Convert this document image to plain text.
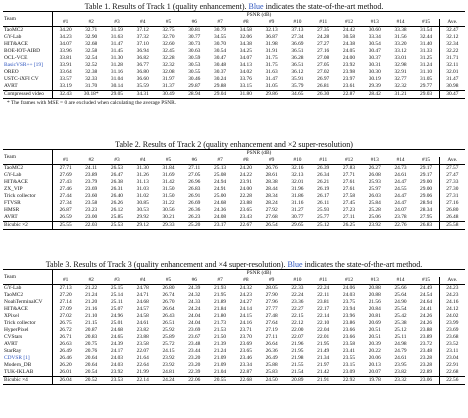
Table 1. Results of Track 1 (quality enhancement). Blue indicates the state-of-the-art method.

Team	PSNR (dB)															
	#1	#2	#3	#4	#5	#6	#7	#8	#9	#10	#11	#12	#13	#14	#15	Ave.
TaoMC2	34.20	32.71	31.59	37.12	32.75	30.81	30.79	34.58	32.13	37.13	27.35	24.42	30.60	33.38	31.54	32.47
GY-Lab	34.23	32.90	31.63	37.32	32.70	30.77	34.55	32.06	36.87	27.34	24.28	30.58	33.34	31.56	32.44	32.12
HIT&ACE	34.07	32.68	31.47	37.10	32.60	30.73	30.70	34.38	31.98	36.69	27.27	24.38	30.54	33.20	31.40	32.34
BOE-IOT-AIBD	33.96	32.58	31.45	36.94	32.45	30.63	30.54	34.25	31.91	36.51	27.16	24.05	30.47	33.12	31.33	32.22
OCL-VCE	33.81	32.54	31.30	36.82	32.28	30.59	30.47	34.07	31.75	36.28	27.08	24.00	30.37	33.01	31.25	31.71
BasicVSR++ [19]	33.91	32.52	31.28	36.77	32.32	30.53	30.48	34.13	31.75	36.51	27.05	23.92	30.31	32.98	31.24	32.11
OREO	33.64	32.38	31.16	36.80	32.08	30.55	30.37	34.02	31.63	36.12	27.02	23.98	30.30	32.91	31.10	32.01
USTC-iXFI CV	33.57	32.33	31.04	36.60	31.97	30.46	30.24	33.76	31.47	35.91	26.97	23.97	30.19	32.77	31.05	31.47
AVRT	33.19	31.70	30.14	35.59	31.37	29.87	29.88	33.15	31.05	35.79	26.81	23.61	29.39	32.32	29.77	30.98
Compressed video	32.43	30.18*	29.05	34.31	30.49	28.94	29.04	31.80	29.86	34.65	26.30	22.87	28.42	31.21	29.03	30.47

* The frames with MSE = 0 are excluded when calculating the average PSNR.

Table 2. Results of Track 2 (quality enhancement and ×2 super-resolution)

Team	PSNR (dB)															
	#1	#2	#3	#4	#5	#6	#7	#8	#9	#10	#11	#12	#13	#14	#15	Ave.
TaoMC2	27.71	24.11	26.53	31.30	31.84	27.11	25.13	24.20	26.76	32.16	26.39	27.83	26.27	24.73	29.17	27.57
GY-Lab	27.69	23.89	26.47	31.26	31.69	27.05	25.08	24.22	28.61	32.13	26.34	27.71	26.08	24.61	29.17	27.47
HIT&ACE	27.43	23.79	26.38	31.13	31.42	26.96	24.94	23.91	28.38	32.01	26.21	27.61	25.93	24.47	29.00	27.33
ZX_VIP	27.46	23.69	26.31	31.03	31.50	26.83	24.91	24.00	28.44	31.96	26.19	27.61	25.97	24.55	29.00	27.30
Trick collector	27.44	23.60	26.40	31.02	31.50	26.91	25.00	22.28	28.34	31.86	26.17	27.58	26.03	24.47	29.06	27.31
FTVSR	27.34	23.58	26.26	30.85	31.22	26.69	24.68	23.88	28.24	31.16	26.11	27.45	25.84	24.47	28.94	27.16
HMSR	26.87	23.23	26.12	30.53	30.56	26.36	24.36	23.65	27.92	31.27	25.93	27.23	25.28	24.07	28.34	26.80
AVRT	26.59	23.00	25.85	29.92	30.21	26.23	24.08	23.43	27.68	30.77	25.77	27.11	25.06	23.78	27.95	26.48
Bicubic ×2	25.55	22.03	25.53	29.12	29.33	25.20	23.17	22.67	26.54	29.65	25.12	26.25	23.92	22.76	26.83	25.58

Table 3. Results of Track 3 (quality enhancement and ×4 super-resolution). Blue indicates the state-of-the-art method.

Team	PSNR (dB)															
	#1	#2	#3	#4	#5	#6	#7	#8	#9	#10	#11	#12	#13	#14	#15	Ave.
GY-Lab	27.13	21.22	25.15	24.78	26.80	24.39	21.93	24.32	28.05	22.33	22.24	24.06	20.88	25.66	24.49	24.23
TaoMC2	27.20	21.24	25.14	24.71	26.74	24.32	21.95	24.23	27.90	22.24	22.11	24.03	20.88	25.64	24.54	24.23
NoahTerminalCV	27.14	21.20	25.11	24.68	26.70	24.33	21.89	24.27	27.96	23.36	23.81	23.75	21.56	24.90	24.64	24.16
HIT&ACE	27.09	21.16	25.07	24.57	26.64	24.24	21.84	24.14	27.77	22.27	22.17	23.94	20.84	25.54	24.41	24.12
XPixel	27.02	21.10	24.96	24.58	26.43	24.04	21.80	24.15	27.48	22.15	22.14	23.96	20.81	25.42	24.26	24.02
Trick collector	26.75	21.15	25.01	24.61	26.51	24.04	21.73	24.16	27.64	22.12	22.10	23.86	20.69	25.38	24.26	23.99
HyperPixel	26.72	20.87	24.68	23.82	25.92	23.69	21.53	23.71	27.19	22.00	22.04	23.66	20.51	25.12	23.88	23.69
CVStars	26.71	20.83	24.65	23.88	25.89	23.67	21.50	23.70	27.11	22.07	22.01	23.66	20.51	25.11	23.89	23.68
AVRT	26.63	20.75	24.39	23.58	25.72	23.48	21.39	23.69	26.64	21.96	21.95	23.58	20.39	24.98	23.72	23.52
StarRay	26.49	20.76	24.17	22.07	24.15	23.44	21.24	23.65	26.36	21.95	21.49	23.41	20.22	24.79	23.48	23.11
CDVSR [1]	26.46	20.64	24.03	21.64	23.92	23.20	21.09	23.46	26.49	21.98	21.34	23.55	20.06	24.61	23.28	23.04
Modern_DB	26.20	20.64	24.03	22.64	23.92	23.20	21.09	23.34	25.88	21.55	21.97	23.15	20.13	23.95	23.28	22.91
TUK-IKLAB	26.01	20.54	23.92	21.99	24.81	22.39	21.04	22.87	25.83	21.54	21.42	23.09	20.07	23.82	22.89	22.68
Bicubic ×4	26.04	20.52	23.53	22.14	24.24	22.06	20.55	22.68	24.50	20.89	21.91	22.92	19.78	23.32	23.06	22.56
